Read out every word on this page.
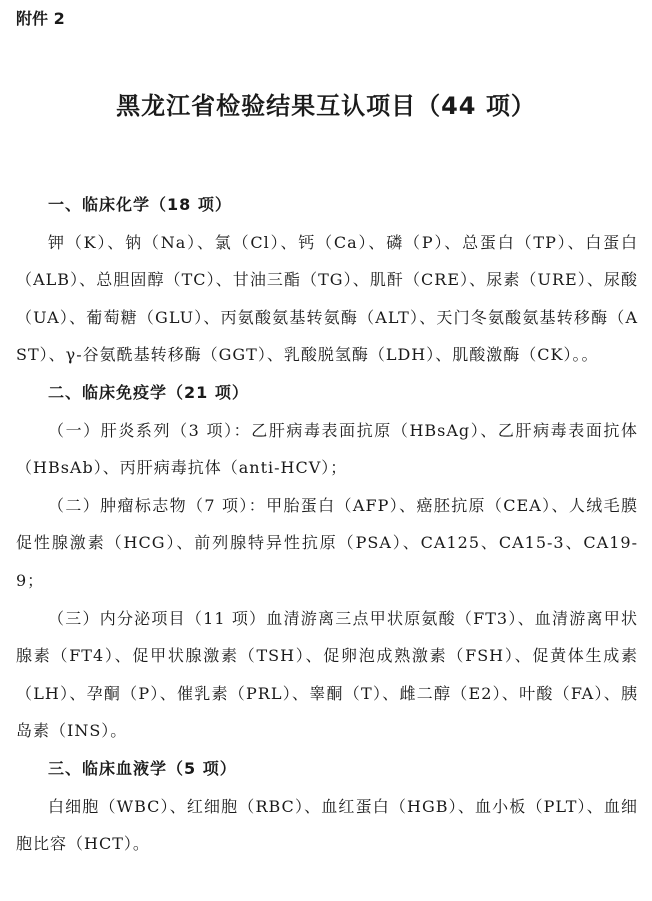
附件 2
黑龙江省检验结果互认项目（44 项）

一、临床化学（18 项）

钾（K）、钠（Na）、氯（Cl）、钙（Ca）、磷（P）、总蛋白（TP）、白蛋白（ALB）、总胆固醇（TC）、甘油三酯（TG）、肌酐（CRE）、尿素（URE）、尿酸（UA）、葡萄糖（GLU）、丙氨酸氨基转氨酶（ALT）、天门冬氨酸氨基转移酶（AST）、γ-谷氨酰基转移酶（GGT）、乳酸脱氢酶（LDH）、肌酸激酶（CK）。。

二、临床免疫学（21 项）

（一）肝炎系列（3 项）：乙肝病毒表面抗原（HBsAg）、乙肝病毒表面抗体（HBsAb）、丙肝病毒抗体（anti-HCV）；

（二）肿瘤标志物（7 项）：甲胎蛋白（AFP）、癌胚抗原（CEA）、人绒毛膜促性腺激素（HCG）、前列腺特异性抗原（PSA）、CA125、CA15-3、CA19-9；

（三）内分泌项目（11 项）血清游离三点甲状原氨酸（FT3）、血清游离甲状腺素（FT4）、促甲状腺激素（TSH）、促卵泡成熟激素（FSH）、促黄体生成素（LH）、孕酮（P）、催乳素（PRL）、睾酮（T）、雌二醇（E2）、叶酸（FA）、胰岛素（INS）。

三、临床血液学（5 项）

白细胞（WBC）、红细胞（RBC）、血红蛋白（HGB）、血小板（PLT）、血细胞比容（HCT）。
